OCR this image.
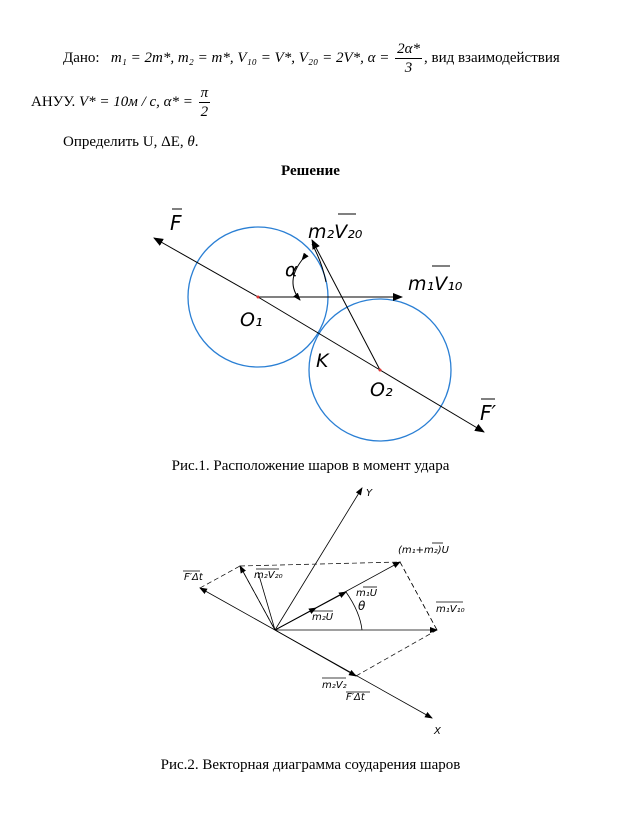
Дано: m₁ = 2m*, m₂ = m*, V₁₀ = V*, V₂₀ = 2V*, $\alpha = \frac{2\alpha*}{3}$ , вид взаимодействия
АНУУ. V* = 10м / с, $\alpha* = \frac{\pi}{2}$
Определить U, ΔE, θ.
Решение
F	m₂V₂₀
m₁V₁₀
α
O₁
K
O₂
F′
Рис.1. Расположение шаров в момент удара
Y
X
(m₁+m₂)U
F′Δt	m₂V₂₀
m₁U
θ
m₂U
m₁V₁₀
m₂V₂
F′Δt
Рис.2. Векторная диаграмма соударения шаров
